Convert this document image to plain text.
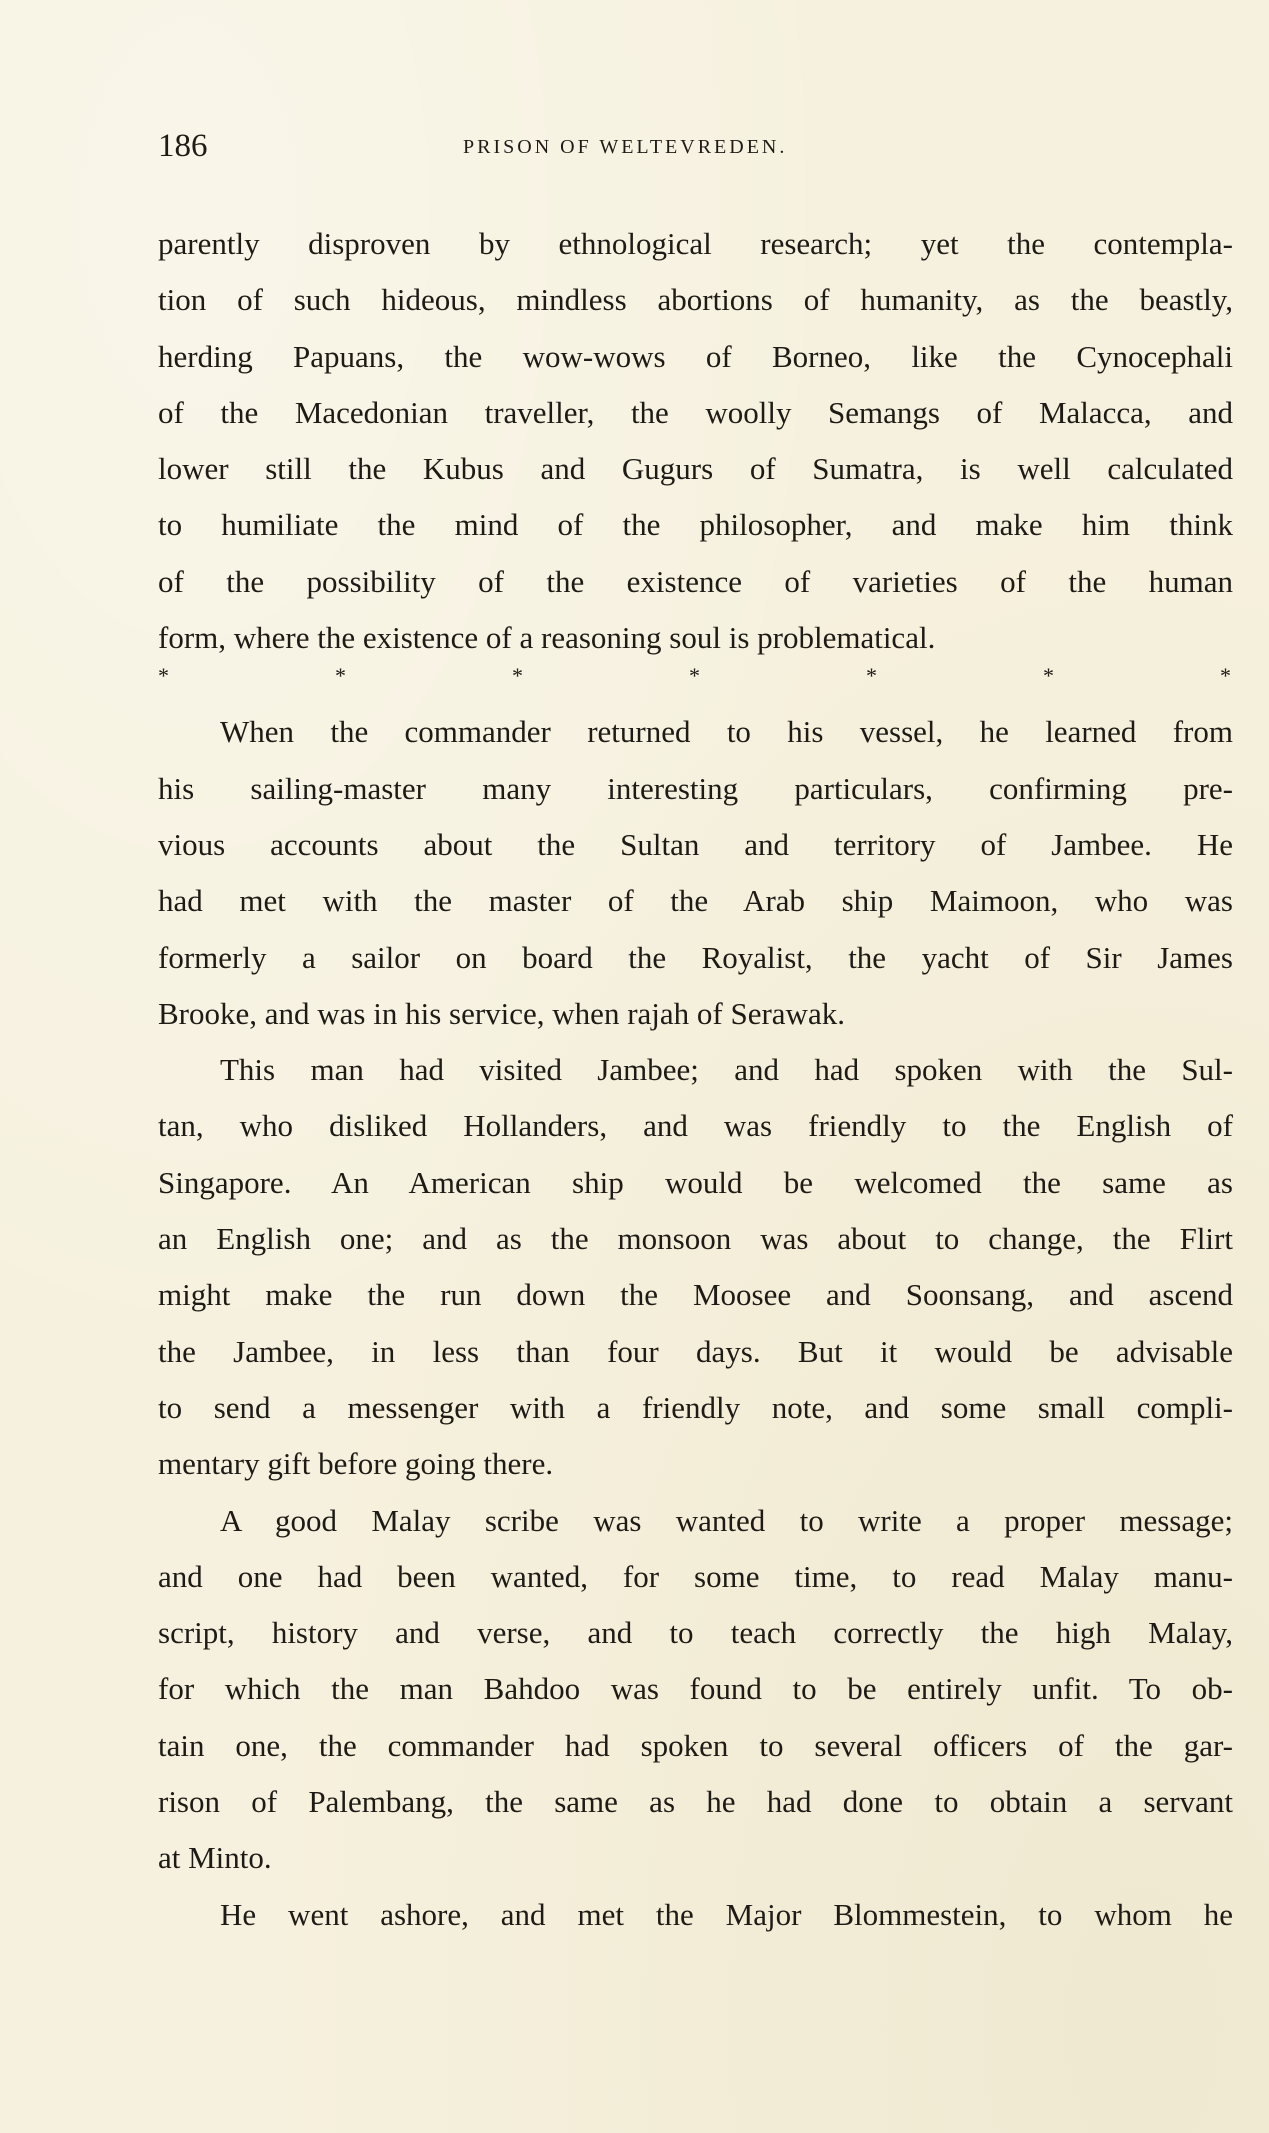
186	PRISON OF WELTEVREDEN.
parently disproven by ethnological research; yet the contempla-
tion of such hideous, mindless abortions of humanity, as the beastly,
herding Papuans, the wow-wows of Borneo, like the Cynocephali
of the Macedonian traveller, the woolly Semangs of Malacca, and
lower still the Kubus and Gugurs of Sumatra, is well calculated
to humiliate the mind of the philosopher, and make him think
of the possibility of the existence of varieties of the human
form, where the existence of a reasoning soul is problematical.
*	*	*	*	*	*	*
When the commander returned to his vessel, he learned from
his sailing-master many interesting particulars, confirming pre-
vious accounts about the Sultan and territory of Jambee. He
had met with the master of the Arab ship Maimoon, who was
formerly a sailor on board the Royalist, the yacht of Sir James
Brooke, and was in his service, when rajah of Serawak.
This man had visited Jambee; and had spoken with the Sul-
tan, who disliked Hollanders, and was friendly to the English of
Singapore. An American ship would be welcomed the same as
an English one; and as the monsoon was about to change, the Flirt
might make the run down the Moosee and Soonsang, and ascend
the Jambee, in less than four days. But it would be advisable
to send a messenger with a friendly note, and some small compli-
mentary gift before going there.
A good Malay scribe was wanted to write a proper message;
and one had been wanted, for some time, to read Malay manu-
script, history and verse, and to teach correctly the high Malay,
for which the man Bahdoo was found to be entirely unfit. To ob-
tain one, the commander had spoken to several officers of the gar-
rison of Palembang, the same as he had done to obtain a servant
at Minto.
He went ashore, and met the Major Blommestein, to whom he
